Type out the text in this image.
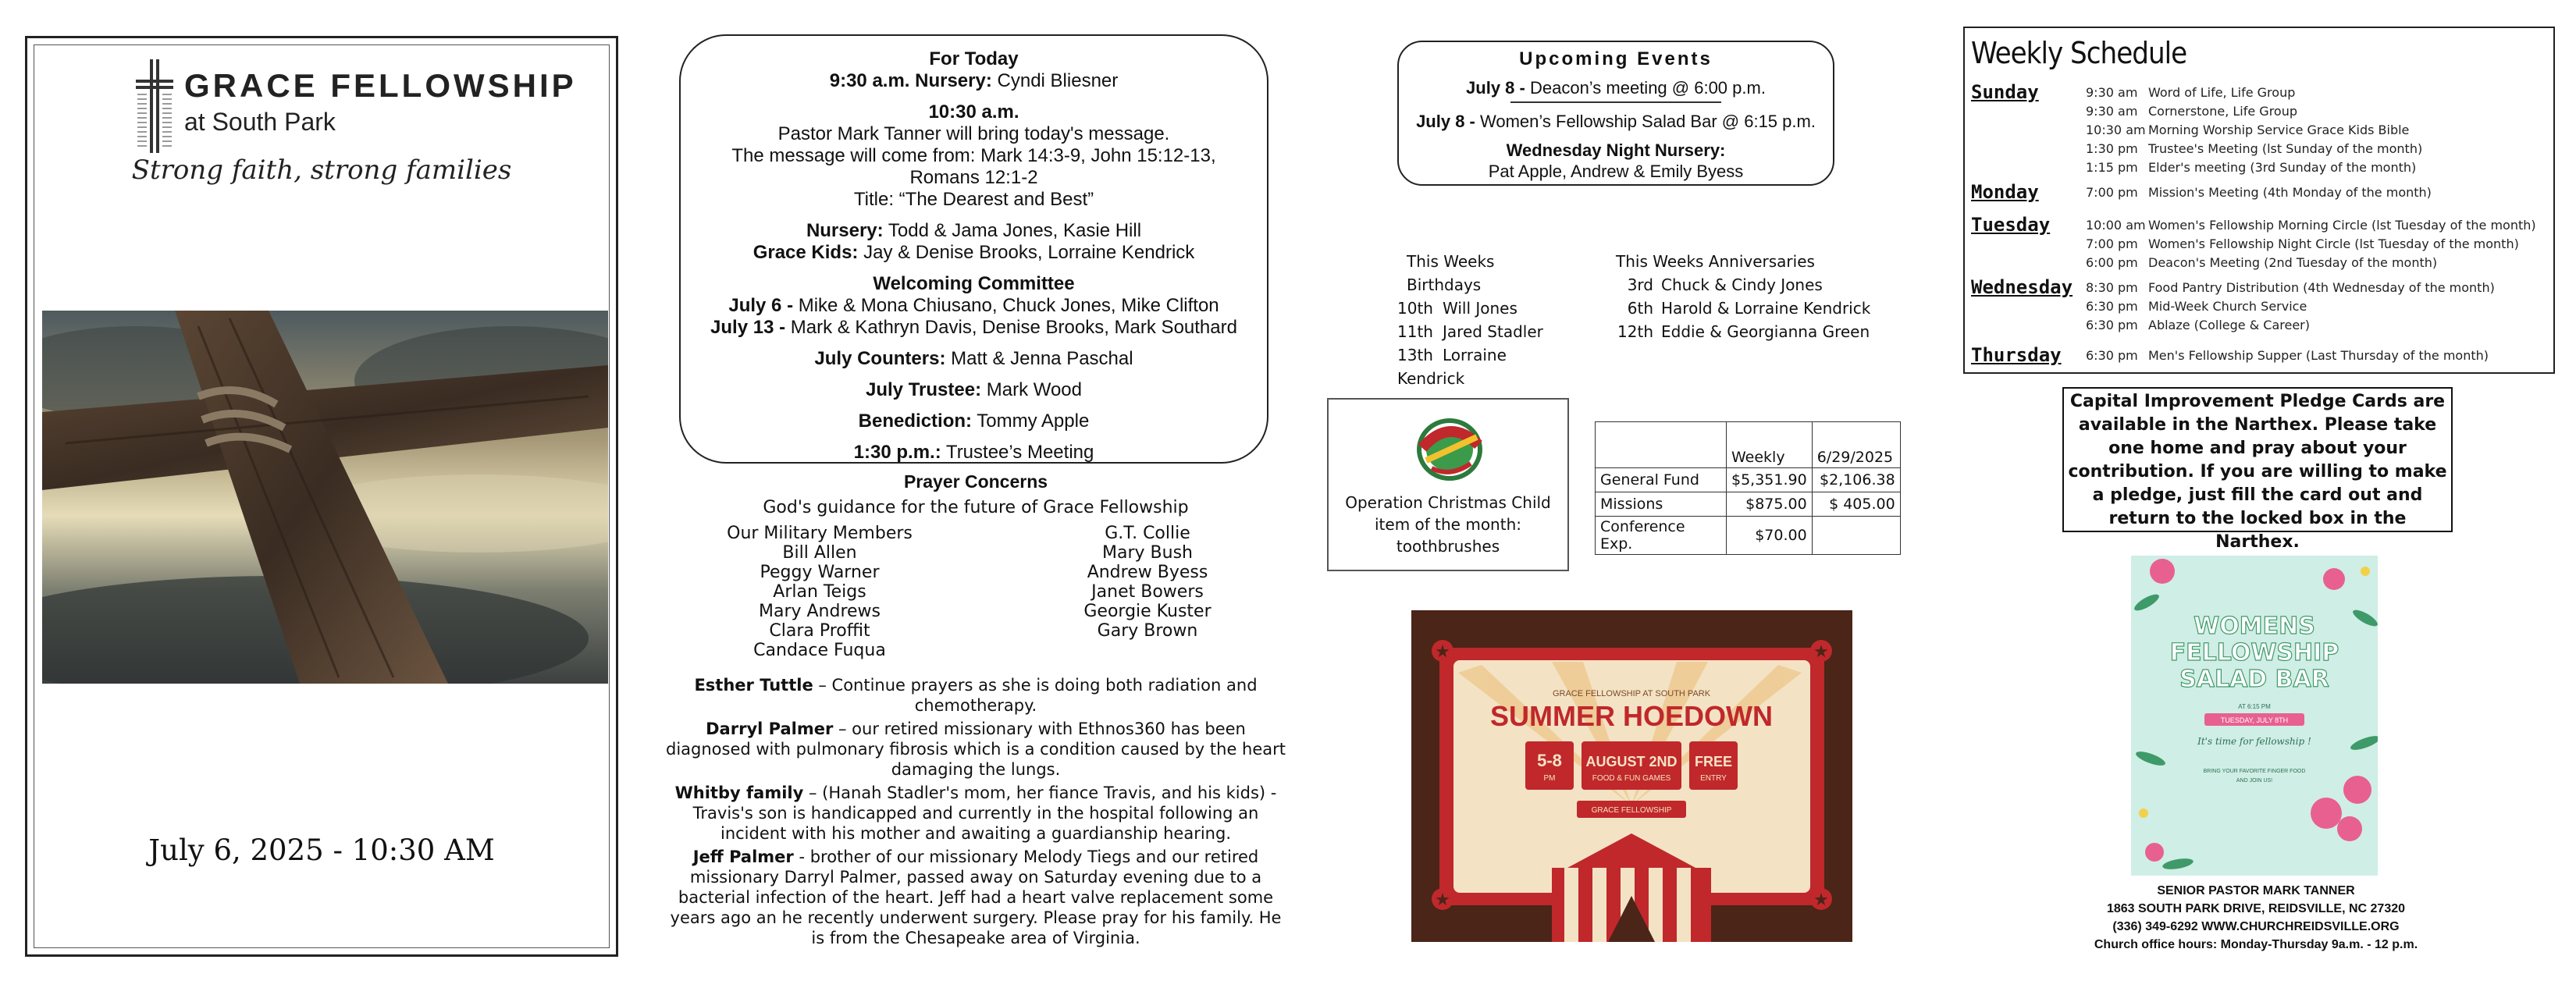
GRACE FELLOWSHIP
at South Park
Strong faith, strong families
July 6, 2025 - 10:30 AM

For Today

9:30 a.m. Nursery: Cyndi Bliesner

10:30 a.m.

Pastor Mark Tanner will bring today's message.

The message will come from: Mark 14:3-9, John 15:12-13,

Romans 12:1-2

Title: “The Dearest and Best”

Nursery: Todd & Jama Jones, Kasie Hill

Grace Kids: Jay & Denise Brooks, Lorraine Kendrick

Welcoming Committee

July 6 - Mike & Mona Chiusano, Chuck Jones, Mike Clifton

July 13 - Mark & Kathryn Davis, Denise Brooks, Mark Southard

July Counters: Matt & Jenna Paschal

July Trustee: Mark Wood

Benediction: Tommy Apple

1:30 p.m.: Trustee’s Meeting

Prayer Concerns
God's guidance for the future of Grace Fellowship
Our Military Members
Bill Allen
Peggy Warner
Arlan Teigs
Mary Andrews
Clara Proffit
Candace Fuqua
G.T. Collie
Mary Bush
Andrew Byess
Janet Bowers
Georgie Kuster
Gary Brown
Esther Tuttle – Continue prayers as she is doing both radiation and chemotherapy.
Darryl Palmer – our retired missionary with Ethnos360 has been diagnosed with pulmonary fibrosis which is a condition caused by the heart damaging the lungs.
Whitby family – (Hanah Stadler's mom, her fiance Travis, and his kids) - Travis's son is handicapped and currently in the hospital following an incident with his mother and awaiting a guardianship hearing.
Jeff Palmer - brother of our missionary Melody Tiegs and our retired missionary Darryl Palmer, passed away on Saturday evening due to a bacterial infection of the heart. Jeff had a heart valve replacement some years ago an he recently underwent surgery. Please pray for his family. He is from the Chesapeake area of Virginia.
Upcoming Events
July 8 - Deacon’s meeting @ 6:00 p.m.
July 8 - Women’s Fellowship Salad Bar @ 6:15 p.m.
Wednesday Night Nursery:
Pat Apple, Andrew & Emily Byess
This Weeks Birthdays
10th Will Jones
11th Jared Stadler
13th Lorraine Kendrick
This Weeks Anniversaries
3rd Chuck & Cindy Jones
6th Harold & Lorraine Kendrick
12th Eddie & Georgianna Green
Operation Christmas Child
item of the month:
toothbrushes
	Weekly	6/29/2025
General Fund	$5,351.90	$2,106.38
Missions	$875.00	$ 405.00
Conference Exp.	$70.00	
★	★
★	★
GRACE FELLOWSHIP AT SOUTH PARK
SUMMER HOEDOWN
5-8
PM
AUGUST 2ND
FOOD & FUN GAMES
FREE
ENTRY
GRACE FELLOWSHIP
Weekly Schedule
Sunday	9:30 am Word of Life, Life Group
9:30 am Cornerstone, Life Group
10:30 am Morning Worship Service Grace Kids Bible
1:30 pm Trustee's Meeting (lst Sunday of the month)
1:15 pm Elder's meeting (3rd Sunday of the month)
Monday	7:00 pm Mission's Meeting (4th Monday of the month)
Tuesday	10:00 am Women's Fellowship Morning Circle (lst Tuesday of the month)
7:00 pm Women's Fellowship Night Circle (lst Tuesday of the month)
6:00 pm Deacon's Meeting (2nd Tuesday of the month)
Wednesday 8:30 pm Food Pantry Distribution (4th Wednesday of the month)
6:30 pm Mid-Week Church Service
6:30 pm Ablaze (College & Career)
Thursday 6:30 pm Men's Fellowship Supper (Last Thursday of the month)
Capital Improvement Pledge Cards are available in the Narthex. Please take one home and pray about your contribution. If you are willing to make a pledge, just fill the card out and return to the locked box in the Narthex.
WOMENS
FELLOWSHIP
SALAD BAR
AT 6:15 PM
TUESDAY, JULY 8TH
It's time for fellowship !
BRING YOUR FAVORITE FINGER FOOD
AND JOIN US!
SENIOR PASTOR MARK TANNER
1863 SOUTH PARK DRIVE, REIDSVILLE, NC 27320
(336) 349-6292 WWW.CHURCHREIDSVILLE.ORG
Church office hours: Monday-Thursday 9a.m. - 12 p.m.
